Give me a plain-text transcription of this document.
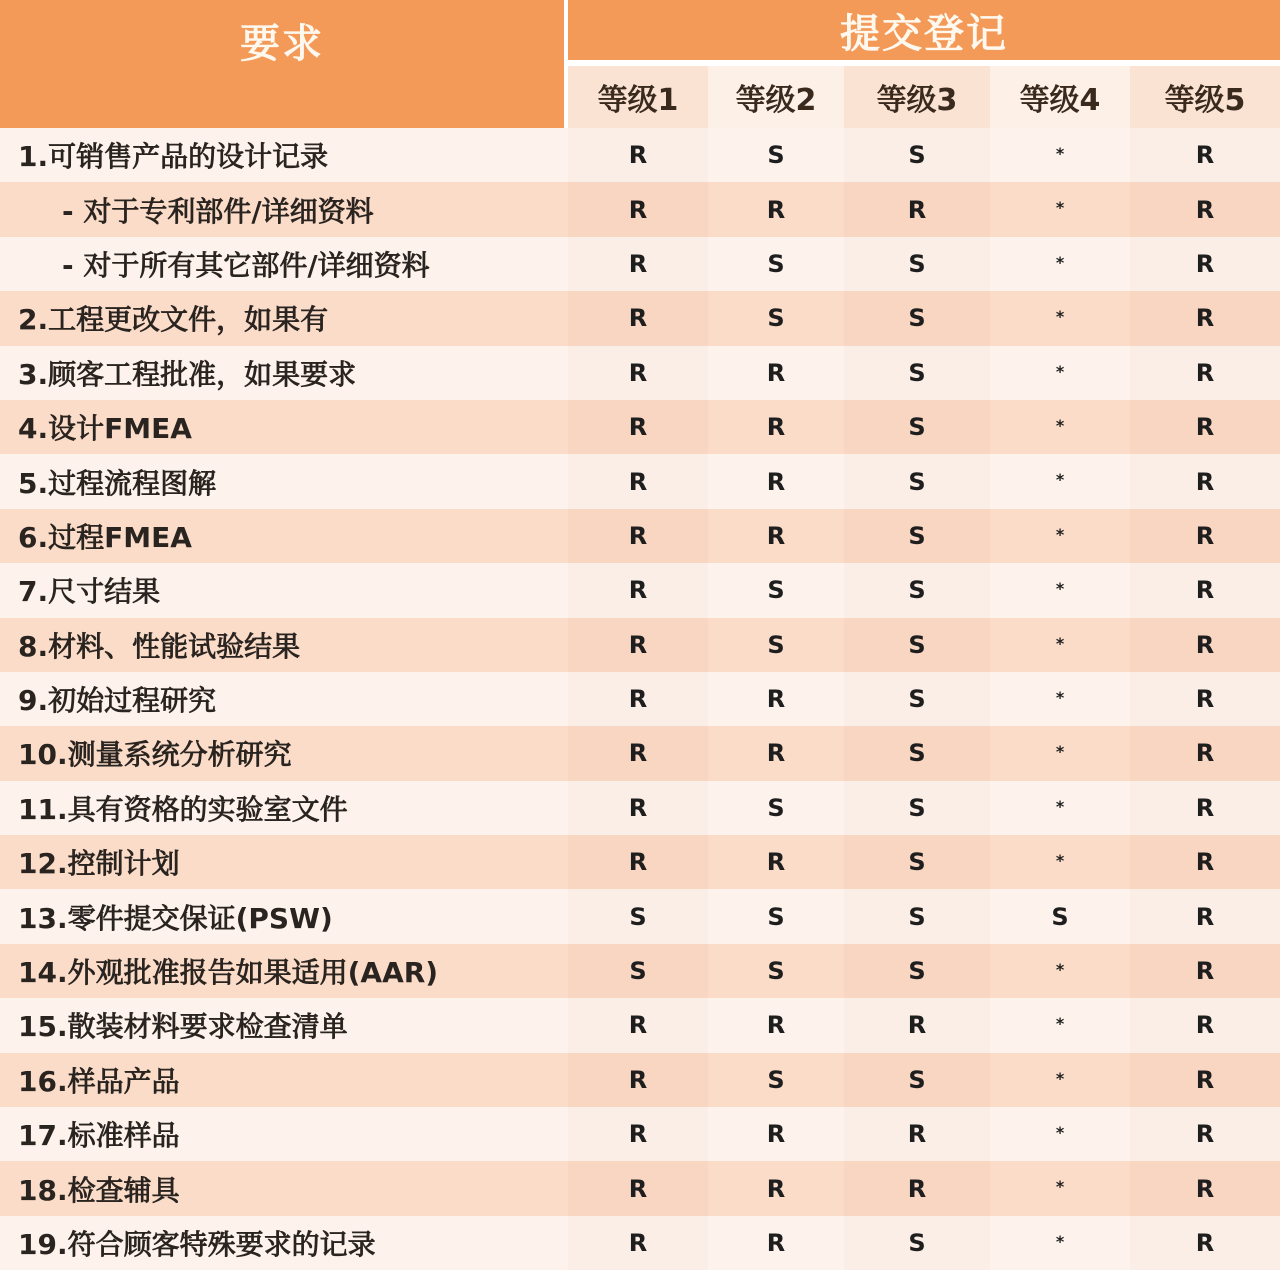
要求	提交登记				
	等级1	等级2	等级3	等级4	等级5
1.可销售产品的设计记录	R	S	S	*	R
- 对于专利部件/详细资料	R	R	R	*	R
- 对于所有其它部件/详细资料	R	S	S	*	R
2.工程更改文件，如果有	R	S	S	*	R
3.顾客工程批准，如果要求	R	R	S	*	R
4.设计FMEA	R	R	S	*	R
5.过程流程图解	R	R	S	*	R
6.过程FMEA	R	R	S	*	R
7.尺寸结果	R	S	S	*	R
8.材料、性能试验结果	R	S	S	*	R
9.初始过程研究	R	R	S	*	R
10.测量系统分析研究	R	R	S	*	R
11.具有资格的实验室文件	R	S	S	*	R
12.控制计划	R	R	S	*	R
13.零件提交保证(PSW)	S	S	S	S	R
14.外观批准报告如果适用(AAR)	S	S	S	*	R
15.散装材料要求检查清单	R	R	R	*	R
16.样品产品	R	S	S	*	R
17.标准样品	R	R	R	*	R
18.检查辅具	R	R	R	*	R
19.符合顾客特殊要求的记录	R	R	S	*	R
